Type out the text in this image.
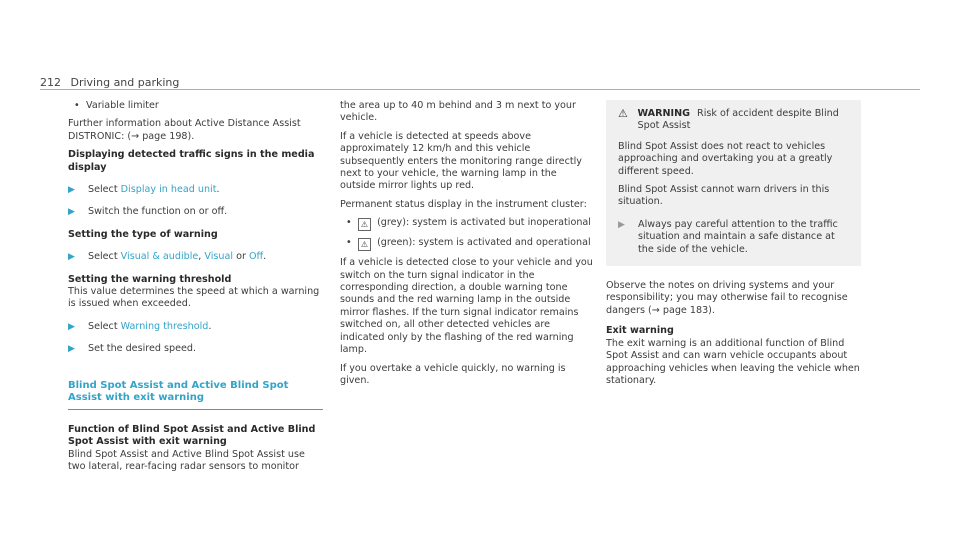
212 Driving and parking
• Variable limiter

Further information about Active Distance Assist DISTRONIC: (→ page 198).

Displaying detected traffic signs in the media display
▶ Select Display in head unit.
▶ Switch the function on or off.
Setting the type of warning
▶ Select Visual & audible, Visual or Off.
Setting the warning threshold

This value determines the speed at which a warning is issued when exceeded.

▶ Select Warning threshold.
▶ Set the desired speed.
Blind Spot Assist and Active Blind Spot Assist with exit warning
Function of Blind Spot Assist and Active Blind Spot Assist with exit warning

Blind Spot Assist and Active Blind Spot Assist use two lateral, rear-facing radar sensors to monitor

the area up to 40 m behind and 3 m next to your vehicle.

If a vehicle is detected at speeds above approximately 12 km/h and this vehicle subsequently enters the monitoring range directly next to your vehicle, the warning lamp in the outside mirror lights up red.

Permanent status display in the instrument cluster:

• ⚠ (grey): system is activated but inoperational
• ⚠ (green): system is activated and operational

If a vehicle is detected close to your vehicle and you switch on the turn signal indicator in the corresponding direction, a double warning tone sounds and the red warning lamp in the outside mirror flashes. If the turn signal indicator remains switched on, all other detected vehicles are indicated only by the flashing of the red warning lamp.

If you overtake a vehicle quickly, no warning is given.

⚠ WARNING Risk of accident despite Blind Spot Assist

Blind Spot Assist does not react to vehicles approaching and overtaking you at a greatly different speed.

Blind Spot Assist cannot warn drivers in this situation.

▶ Always pay careful attention to the traffic situation and maintain a safe distance at the side of the vehicle.

Observe the notes on driving systems and your responsibility; you may otherwise fail to recognise dangers (→ page 183).

Exit warning

The exit warning is an additional function of Blind Spot Assist and can warn vehicle occupants about approaching vehicles when leaving the vehicle when stationary.
